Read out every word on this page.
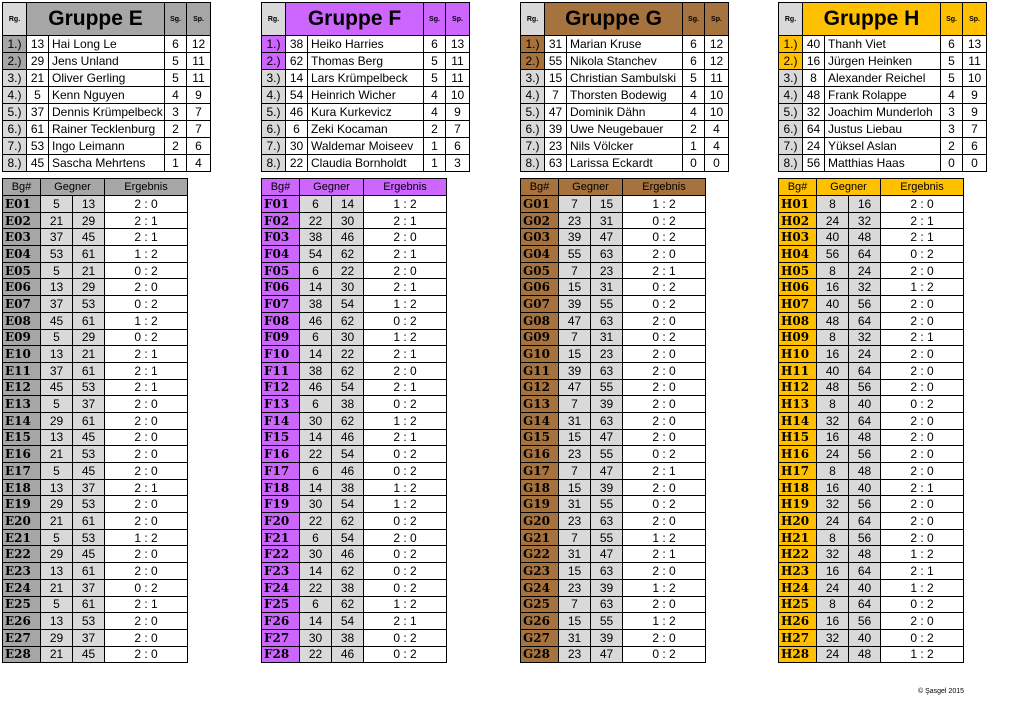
Rg.	Gruppe E		Sg.	Sp.
1.)	13	Hai Long Le	6	12
2.)	29	Jens Unland	5	11
3.)	21	Oliver Gerling	5	11
4.)	5	Kenn Nguyen	4	9
5.)	37	Dennis Krümpelbeck	3	7
6.)	61	Rainer Tecklenburg	2	7
7.)	53	Ingo Leimann	2	6
8.)	45	Sascha Mehrtens	1	4
Bg#	Gegner		Ergebnis
E01	5	13	2 : 0
E02	21	29	2 : 1
E03	37	45	2 : 1
E04	53	61	1 : 2
E05	5	21	0 : 2
E06	13	29	2 : 0
E07	37	53	0 : 2
E08	45	61	1 : 2
E09	5	29	0 : 2
E10	13	21	2 : 1
E11	37	61	2 : 1
E12	45	53	2 : 1
E13	5	37	2 : 0
E14	29	61	2 : 0
E15	13	45	2 : 0
E16	21	53	2 : 0
E17	5	45	2 : 0
E18	13	37	2 : 1
E19	29	53	2 : 0
E20	21	61	2 : 0
E21	5	53	1 : 2
E22	29	45	2 : 0
E23	13	61	2 : 0
E24	21	37	0 : 2
E25	5	61	2 : 1
E26	13	53	2 : 0
E27	29	37	2 : 0
E28	21	45	2 : 0
Rg.	Gruppe F		Sg.	Sp.
1.)	38	Heiko Harries	6	13
2.)	62	Thomas Berg	5	11
3.)	14	Lars Krümpelbeck	5	11
4.)	54	Heinrich Wicher	4	10
5.)	46	Kura Kurkevicz	4	9
6.)	6	Zeki Kocaman	2	7
7.)	30	Waldemar Moiseev	1	6
8.)	22	Claudia Bornholdt	1	3
Bg#	Gegner		Ergebnis
F01	6	14	1 : 2
F02	22	30	2 : 1
F03	38	46	2 : 0
F04	54	62	2 : 1
F05	6	22	2 : 0
F06	14	30	2 : 1
F07	38	54	1 : 2
F08	46	62	0 : 2
F09	6	30	1 : 2
F10	14	22	2 : 1
F11	38	62	2 : 0
F12	46	54	2 : 1
F13	6	38	0 : 2
F14	30	62	1 : 2
F15	14	46	2 : 1
F16	22	54	0 : 2
F17	6	46	0 : 2
F18	14	38	1 : 2
F19	30	54	1 : 2
F20	22	62	0 : 2
F21	6	54	2 : 0
F22	30	46	0 : 2
F23	14	62	0 : 2
F24	22	38	0 : 2
F25	6	62	1 : 2
F26	14	54	2 : 1
F27	30	38	0 : 2
F28	22	46	0 : 2
Rg.	Gruppe G		Sg.	Sp.
1.)	31	Marian Kruse	6	12
2.)	55	Nikola Stanchev	6	12
3.)	15	Christian Sambulski	5	11
4.)	7	Thorsten Bodewig	4	10
5.)	47	Dominik Dähn	4	10
6.)	39	Uwe Neugebauer	2	4
7.)	23	Nils Völcker	1	4
8.)	63	Larissa Eckardt	0	0
Bg#	Gegner		Ergebnis
G01	7	15	1 : 2
G02	23	31	0 : 2
G03	39	47	0 : 2
G04	55	63	2 : 0
G05	7	23	2 : 1
G06	15	31	0 : 2
G07	39	55	0 : 2
G08	47	63	2 : 0
G09	7	31	0 : 2
G10	15	23	2 : 0
G11	39	63	2 : 0
G12	47	55	2 : 0
G13	7	39	2 : 0
G14	31	63	2 : 0
G15	15	47	2 : 0
G16	23	55	0 : 2
G17	7	47	2 : 1
G18	15	39	2 : 0
G19	31	55	0 : 2
G20	23	63	2 : 0
G21	7	55	1 : 2
G22	31	47	2 : 1
G23	15	63	2 : 0
G24	23	39	1 : 2
G25	7	63	2 : 0
G26	15	55	1 : 2
G27	31	39	2 : 0
G28	23	47	0 : 2
Rg.	Gruppe H		Sg.	Sp.
1.)	40	Thanh Viet	6	13
2.)	16	Jürgen Heinken	5	11
3.)	8	Alexander Reichel	5	10
4.)	48	Frank Rolappe	4	9
5.)	32	Joachim Munderloh	3	9
6.)	64	Justus Liebau	3	7
7.)	24	Yüksel Aslan	2	6
8.)	56	Matthias Haas	0	0
Bg#	Gegner		Ergebnis
H01	8	16	2 : 0
H02	24	32	2 : 1
H03	40	48	2 : 1
H04	56	64	0 : 2
H05	8	24	2 : 0
H06	16	32	1 : 2
H07	40	56	2 : 0
H08	48	64	2 : 0
H09	8	32	2 : 1
H10	16	24	2 : 0
H11	40	64	2 : 0
H12	48	56	2 : 0
H13	8	40	0 : 2
H14	32	64	2 : 0
H15	16	48	2 : 0
H16	24	56	2 : 0
H17	8	48	2 : 0
H18	16	40	2 : 1
H19	32	56	2 : 0
H20	24	64	2 : 0
H21	8	56	2 : 0
H22	32	48	1 : 2
H23	16	64	2 : 1
H24	24	40	1 : 2
H25	8	64	0 : 2
H26	16	56	2 : 0
H27	32	40	0 : 2
H28	24	48	1 : 2
© Şasgel 2015
